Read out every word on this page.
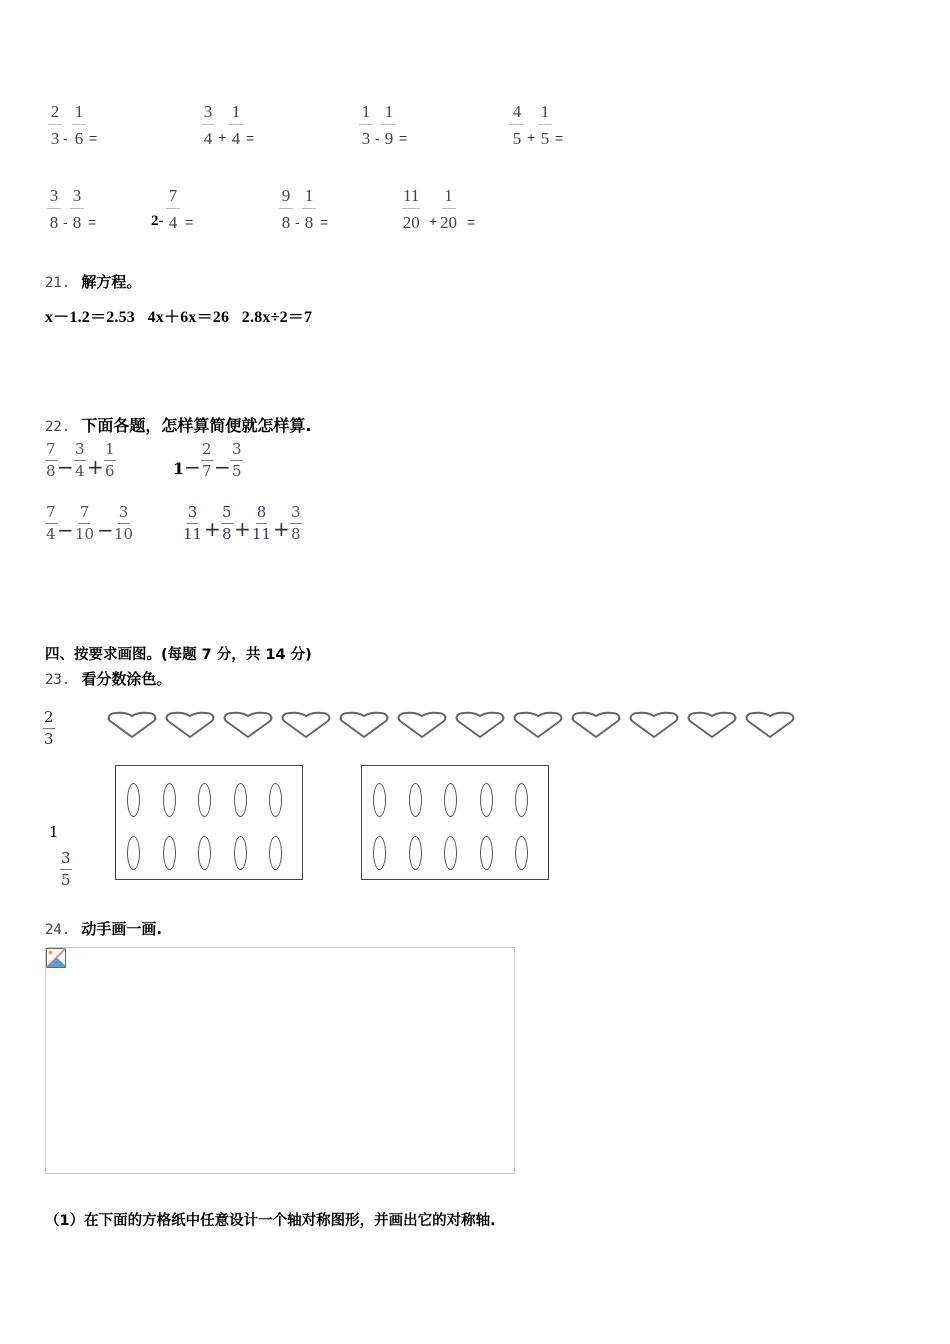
$\frac{2}{3} - \frac{1}{6}$ =	$\frac{3}{4} + \frac{1}{4}$ =	$\frac{1}{3} - \frac{1}{9}$ =	$\frac{4}{5} + \frac{1}{5}$ =
$\frac{3}{8} - \frac{3}{8}$ =	$2- \frac{7}{4}$ =	$\frac{9}{8} - \frac{1}{8}$ =	$\frac{11}{20} + \frac{1}{20}$ =
21. 解方程。
x－1.2＝2.53   4x＋6x＝26   2.8x÷2＝7
22. 下面各题，怎样算简便就怎样算.
$\frac{7}{8} - \frac{3}{4} + \frac{1}{6}$	$1 - \frac{2}{7} - \frac{3}{5}$
$\frac{7}{4} - \frac{7}{10} - \frac{3}{10}$	$\frac{3}{11} + \frac{5}{8} + \frac{8}{11} + \frac{3}{8}$
四、按要求画图。(每题 7 分，共 14 分)
23. 看分数涂色。
$\frac{2}{3}$
1
$\frac{3}{5}$
24. 动手画一画.
（1）在下面的方格纸中任意设计一个轴对称图形，并画出它的对称轴.
